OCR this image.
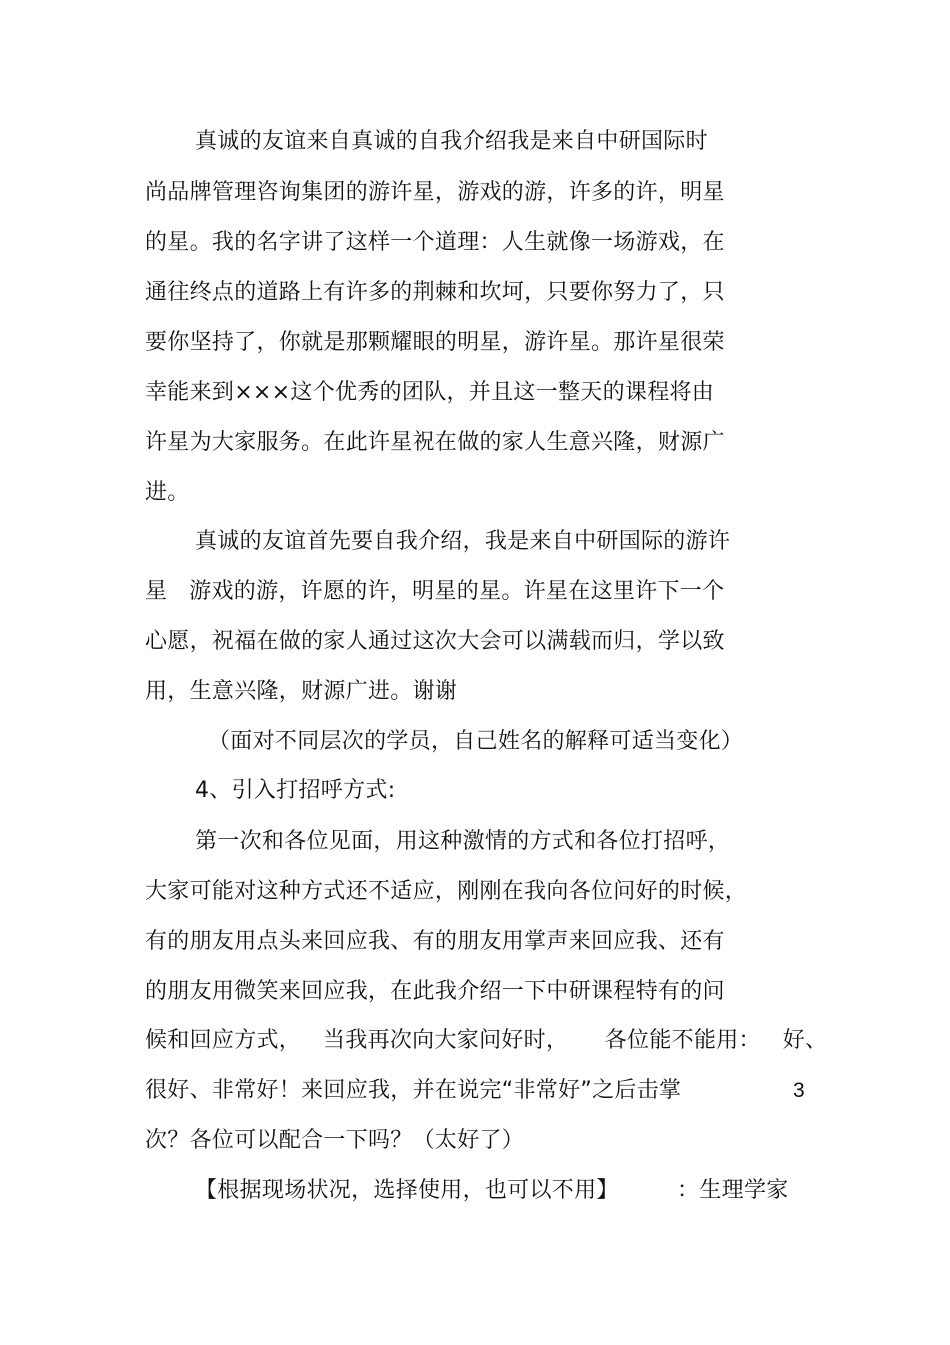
真诚的友谊来自真诚的自我介绍我是来自中研国际时
尚品牌管理咨询集团的游许星，游戏的游，许多的许，明星
的星。我的名字讲了这样一个道理：人生就像一场游戏，在
通往终点的道路上有许多的荆棘和坎坷，只要你努力了，只
要你坚持了，你就是那颗耀眼的明星，游许星。那许星很荣
幸能来到×××这个优秀的团队，并且这一整天的课程将由
许星为大家服务。在此许星祝在做的家人生意兴隆，财源广
进。
真诚的友谊首先要自我介绍，我是来自中研国际的游许
星   游戏的游，许愿的许，明星的星。许星在这里许下一个
心愿，祝福在做的家人通过这次大会可以满载而归，学以致
用，生意兴隆，财源广进。谢谢
（面对不同层次的学员，自己姓名的解释可适当变化）
4、引入打招呼方式:
第一次和各位见面，用这种激情的方式和各位打招呼，
大家可能对这种方式还不适应，刚刚在我向各位问好的时候，
有的朋友用点头来回应我、有的朋友用掌声来回应我、还有
的朋友用微笑来回应我，在此我介绍一下中研课程特有的问
候和回应方式，   当我再次向大家问好时，     各位能不能用：   好、
很好、非常好！来回应我，并在说完“非常好”之后击掌	3
次？各位可以配合一下吗？（太好了）
【根据现场状况，选择使用，也可以不用】        ：生理学家
